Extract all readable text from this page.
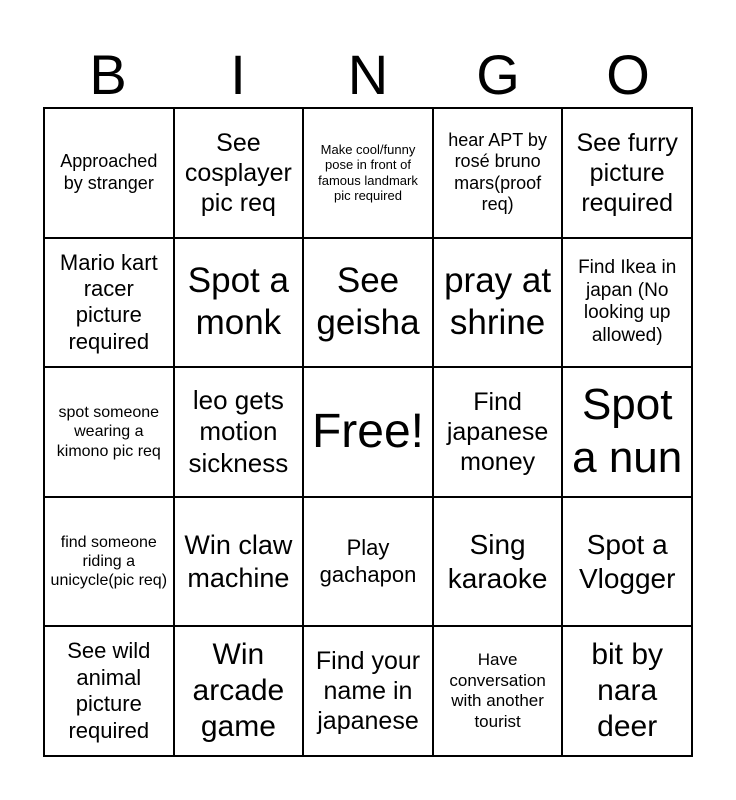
B	I	N	G	O
Approached by stranger
See cosplayer pic req
Make cool/funny pose in front of famous landmark pic required
hear APT by rosé bruno mars(proof req)
See furry picture required
Mario kart racer picture required
Spot a monk
See geisha
pray at shrine
Find Ikea in japan (No looking up allowed)
spot someone wearing a kimono pic req
leo gets motion sickness
Free!
Find japanese money
Spot a nun
find someone riding a unicycle(pic req)
Win claw machine
Play gachapon
Sing karaoke
Spot a Vlogger
See wild animal picture required
Win arcade game
Find your name in japanese
Have conversation with another tourist
bit by nara deer
